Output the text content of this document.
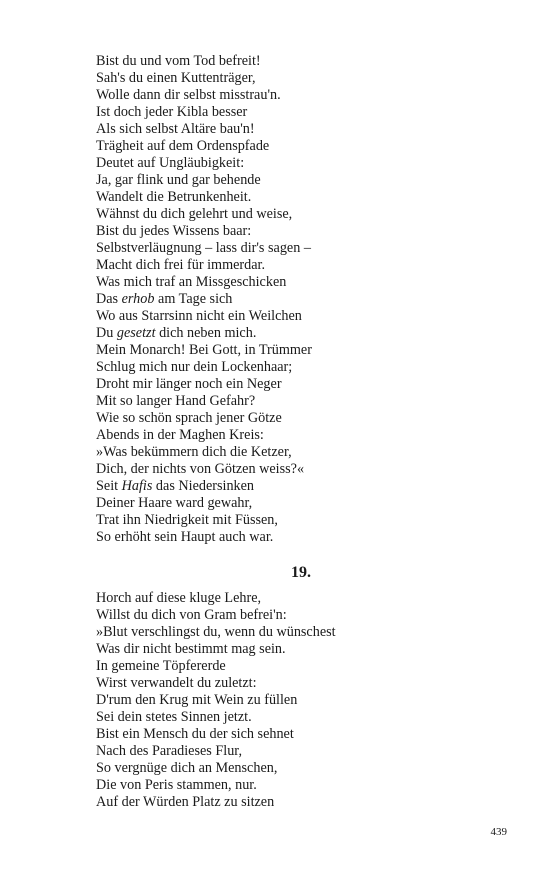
Bist du und vom Tod befreit!
Sah's du einen Kuttenträger,
Wolle dann dir selbst misstrau'n.
Ist doch jeder Kibla besser
Als sich selbst Altäre bau'n!
Trägheit auf dem Ordenspfade
Deutet auf Ungläubigkeit:
Ja, gar flink und gar behende
Wandelt die Betrunkenheit.
Wähnst du dich gelehrt und weise,
Bist du jedes Wissens baar:
Selbstverläugnung – lass dir's sagen –
Macht dich frei für immerdar.
Was mich traf an Missgeschicken
Das erhob am Tage sich
Wo aus Starrsinn nicht ein Weilchen
Du gesetzt dich neben mich.
Mein Monarch! Bei Gott, in Trümmer
Schlug mich nur dein Lockenhaar;
Droht mir länger noch ein Neger
Mit so langer Hand Gefahr?
Wie so schön sprach jener Götze
Abends in der Maghen Kreis:
»Was bekümmern dich die Ketzer,
Dich, der nichts von Götzen weiss?«
Seit Hafis das Niedersinken
Deiner Haare ward gewahr,
Trat ihn Niedrigkeit mit Füssen,
So erhöht sein Haupt auch war.
19.
Horch auf diese kluge Lehre,
Willst du dich von Gram befrei'n:
»Blut verschlingst du, wenn du wünschest
Was dir nicht bestimmt mag sein.
In gemeine Töpfererde
Wirst verwandelt du zuletzt:
D'rum den Krug mit Wein zu füllen
Sei dein stetes Sinnen jetzt.
Bist ein Mensch du der sich sehnet
Nach des Paradieses Flur,
So vergnüge dich an Menschen,
Die von Peris stammen, nur.
Auf der Würden Platz zu sitzen
439
